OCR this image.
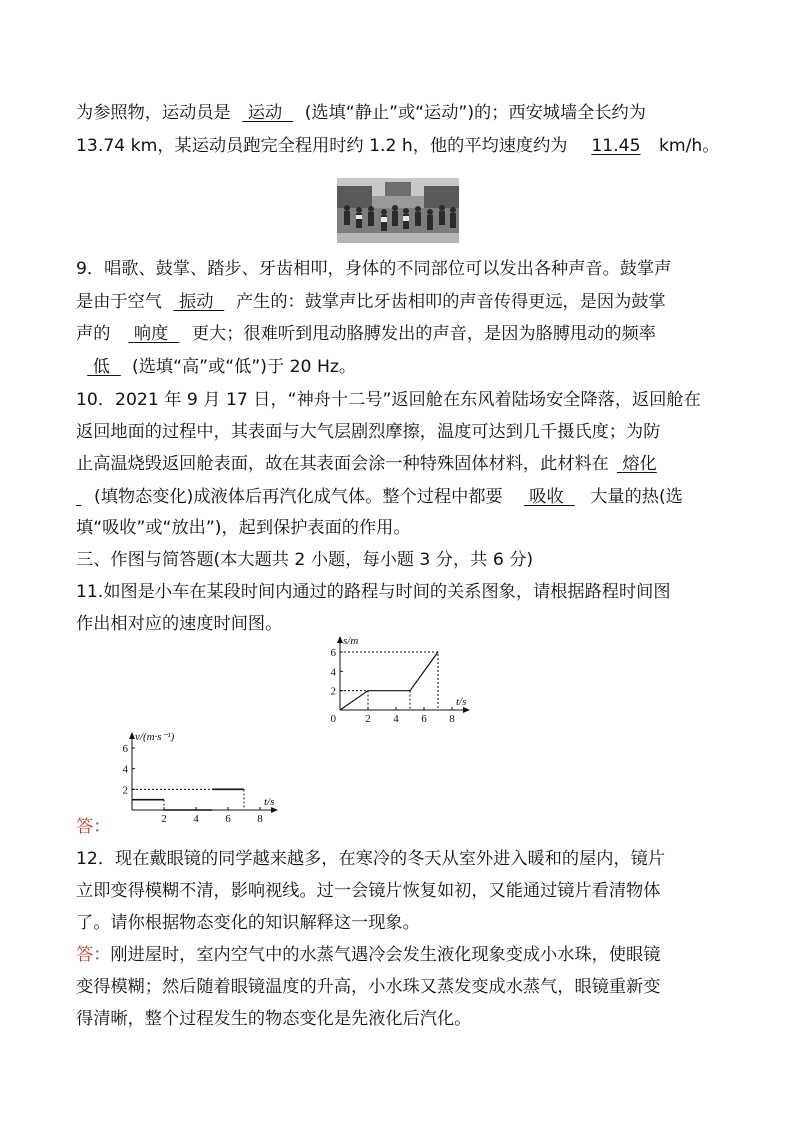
为参照物，运动员是 运动 (选填“静止”或“运动”)的；西安城墙全长约为
13.74 km，某运动员跑完全程用时约 1.2 h，他的平均速度约为 11.45 km/h。
9．唱歌、鼓掌、踏步、牙齿相叩，身体的不同部位可以发出各种声音。鼓掌声
是由于空气 振动 产生的：鼓掌声比牙齿相叩的声音传得更远，是因为鼓掌
声的 响度 更大；很难听到甩动胳膊发出的声音，是因为胳膊甩动的频率
低 (选填“高”或“低”)于 20 Hz。
10．2021 年 9 月 17 日，“神舟十二号”返回舱在东风着陆场安全降落，返回舱在
返回地面的过程中，其表面与大气层剧烈摩擦，温度可达到几千摄氏度；为防
止高温烧毁返回舱表面，故在其表面会涂一种特殊固体材料，此材料在 熔化
(填物态变化)成液体后再汽化成气体。整个过程中都要 吸收 大量的热(选
填“吸收”或“放出”)，起到保护表面的作用。
三、作图与简答题(本大题共 2 小题，每小题 3 分，共 6 分)
11.如图是小车在某段时间内通过的路程与时间的关系图象，请根据路程时间图
作出相对应的速度时间图。
2 4 6 8
2
4
6
s/m
t/s
0
答：	2 4 6 8
2
4
6
v/(m·s⁻¹)
t/s
12．现在戴眼镜的同学越来越多，在寒冷的冬天从室外进入暖和的屋内，镜片
立即变得模糊不清，影响视线。过一会镜片恢复如初，又能通过镜片看清物体
了。请你根据物态变化的知识解释这一现象。
答：刚进屋时，室内空气中的水蒸气遇冷会发生液化现象变成小水珠，使眼镜
变得模糊；然后随着眼镜温度的升高，小水珠又蒸发变成水蒸气，眼镜重新变
得清晰，整个过程发生的物态变化是先液化后汽化。
